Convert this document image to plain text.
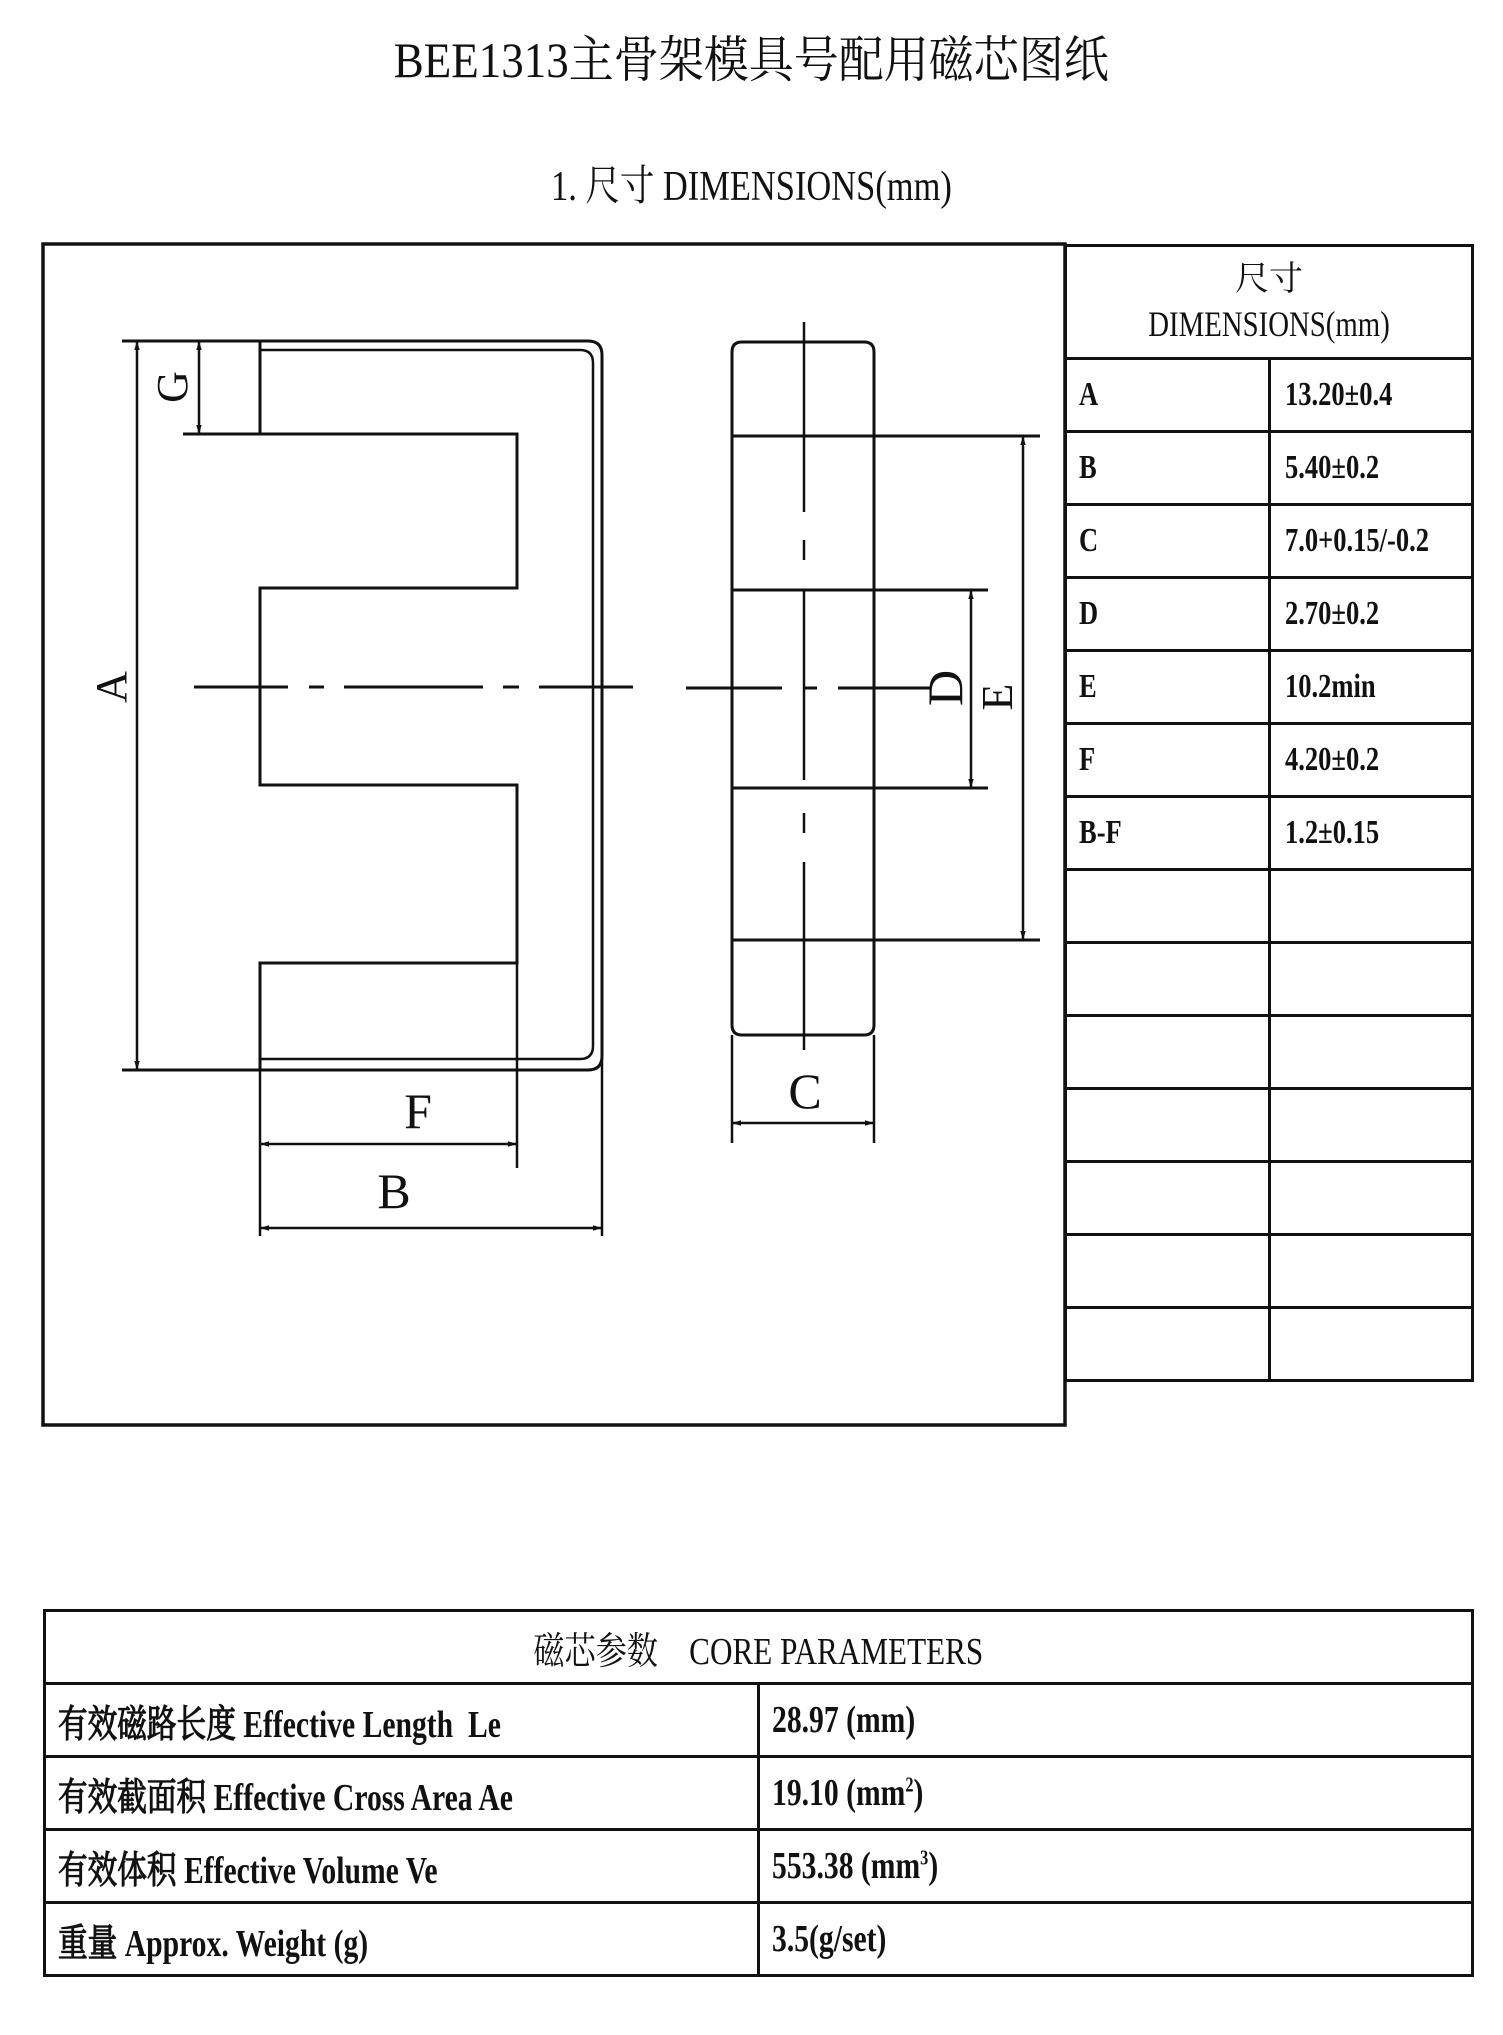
BEE1313主骨架模具号配用磁芯图纸
1. 尺寸 DIMENSIONS(mm)
A
G
F
B
D E
C
尺寸
DIMENSIONS(mm)	

A	13.20±0.4
B	5.40±0.2
C	7.0+0.15/-0.2
D	2.70±0.2
E	10.2min
F	4.20±0.2
B-F	1.2±0.15

磁芯参数    CORE PARAMETERS	
有效磁路长度 Effective Length  Le	28.97 (mm)
有效截面积 Effective Cross Area Ae	19.10 $(mm^2)$
有效体积 Effective Volume Ve	553.38 $(mm^3)$
重量 Approx. Weight (g)	3.5(g/set)
